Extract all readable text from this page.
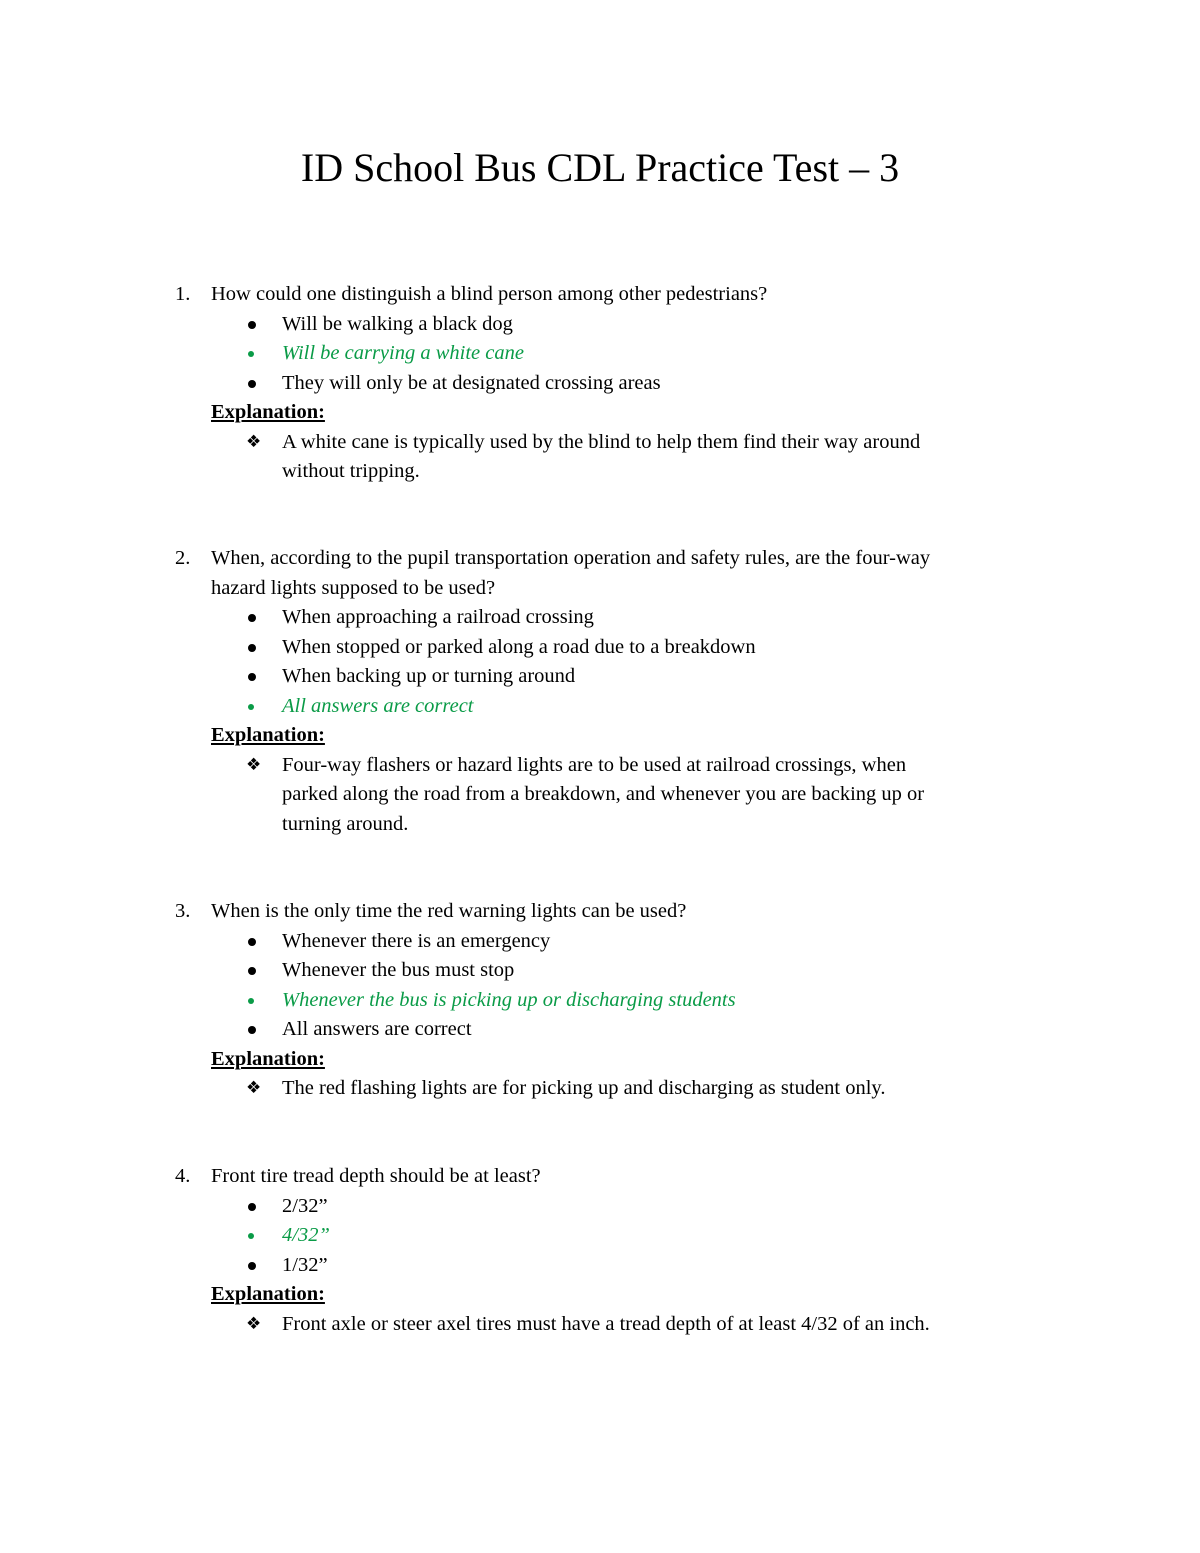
ID School Bus CDL Practice Test – 3
1. How could one distinguish a blind person among other pedestrians?
Will be walking a black dog
Will be carrying a white cane
They will only be at designated crossing areas
Explanation:
❖ A white cane is typically used by the blind to help them find their way around
without tripping.
2. When, according to the pupil transportation operation and safety rules, are the four-way
hazard lights supposed to be used?
When approaching a railroad crossing
When stopped or parked along a road due to a breakdown
When backing up or turning around
All answers are correct
Explanation:
❖ Four-way flashers or hazard lights are to be used at railroad crossings, when
parked along the road from a breakdown, and whenever you are backing up or
turning around.
3. When is the only time the red warning lights can be used?
Whenever there is an emergency
Whenever the bus must stop
Whenever the bus is picking up or discharging students
All answers are correct
Explanation:
❖ The red flashing lights are for picking up and discharging as student only.
4. Front tire tread depth should be at least?
2/32”
4/32”
1/32”
Explanation:
❖ Front axle or steer axel tires must have a tread depth of at least 4/32 of an inch.
